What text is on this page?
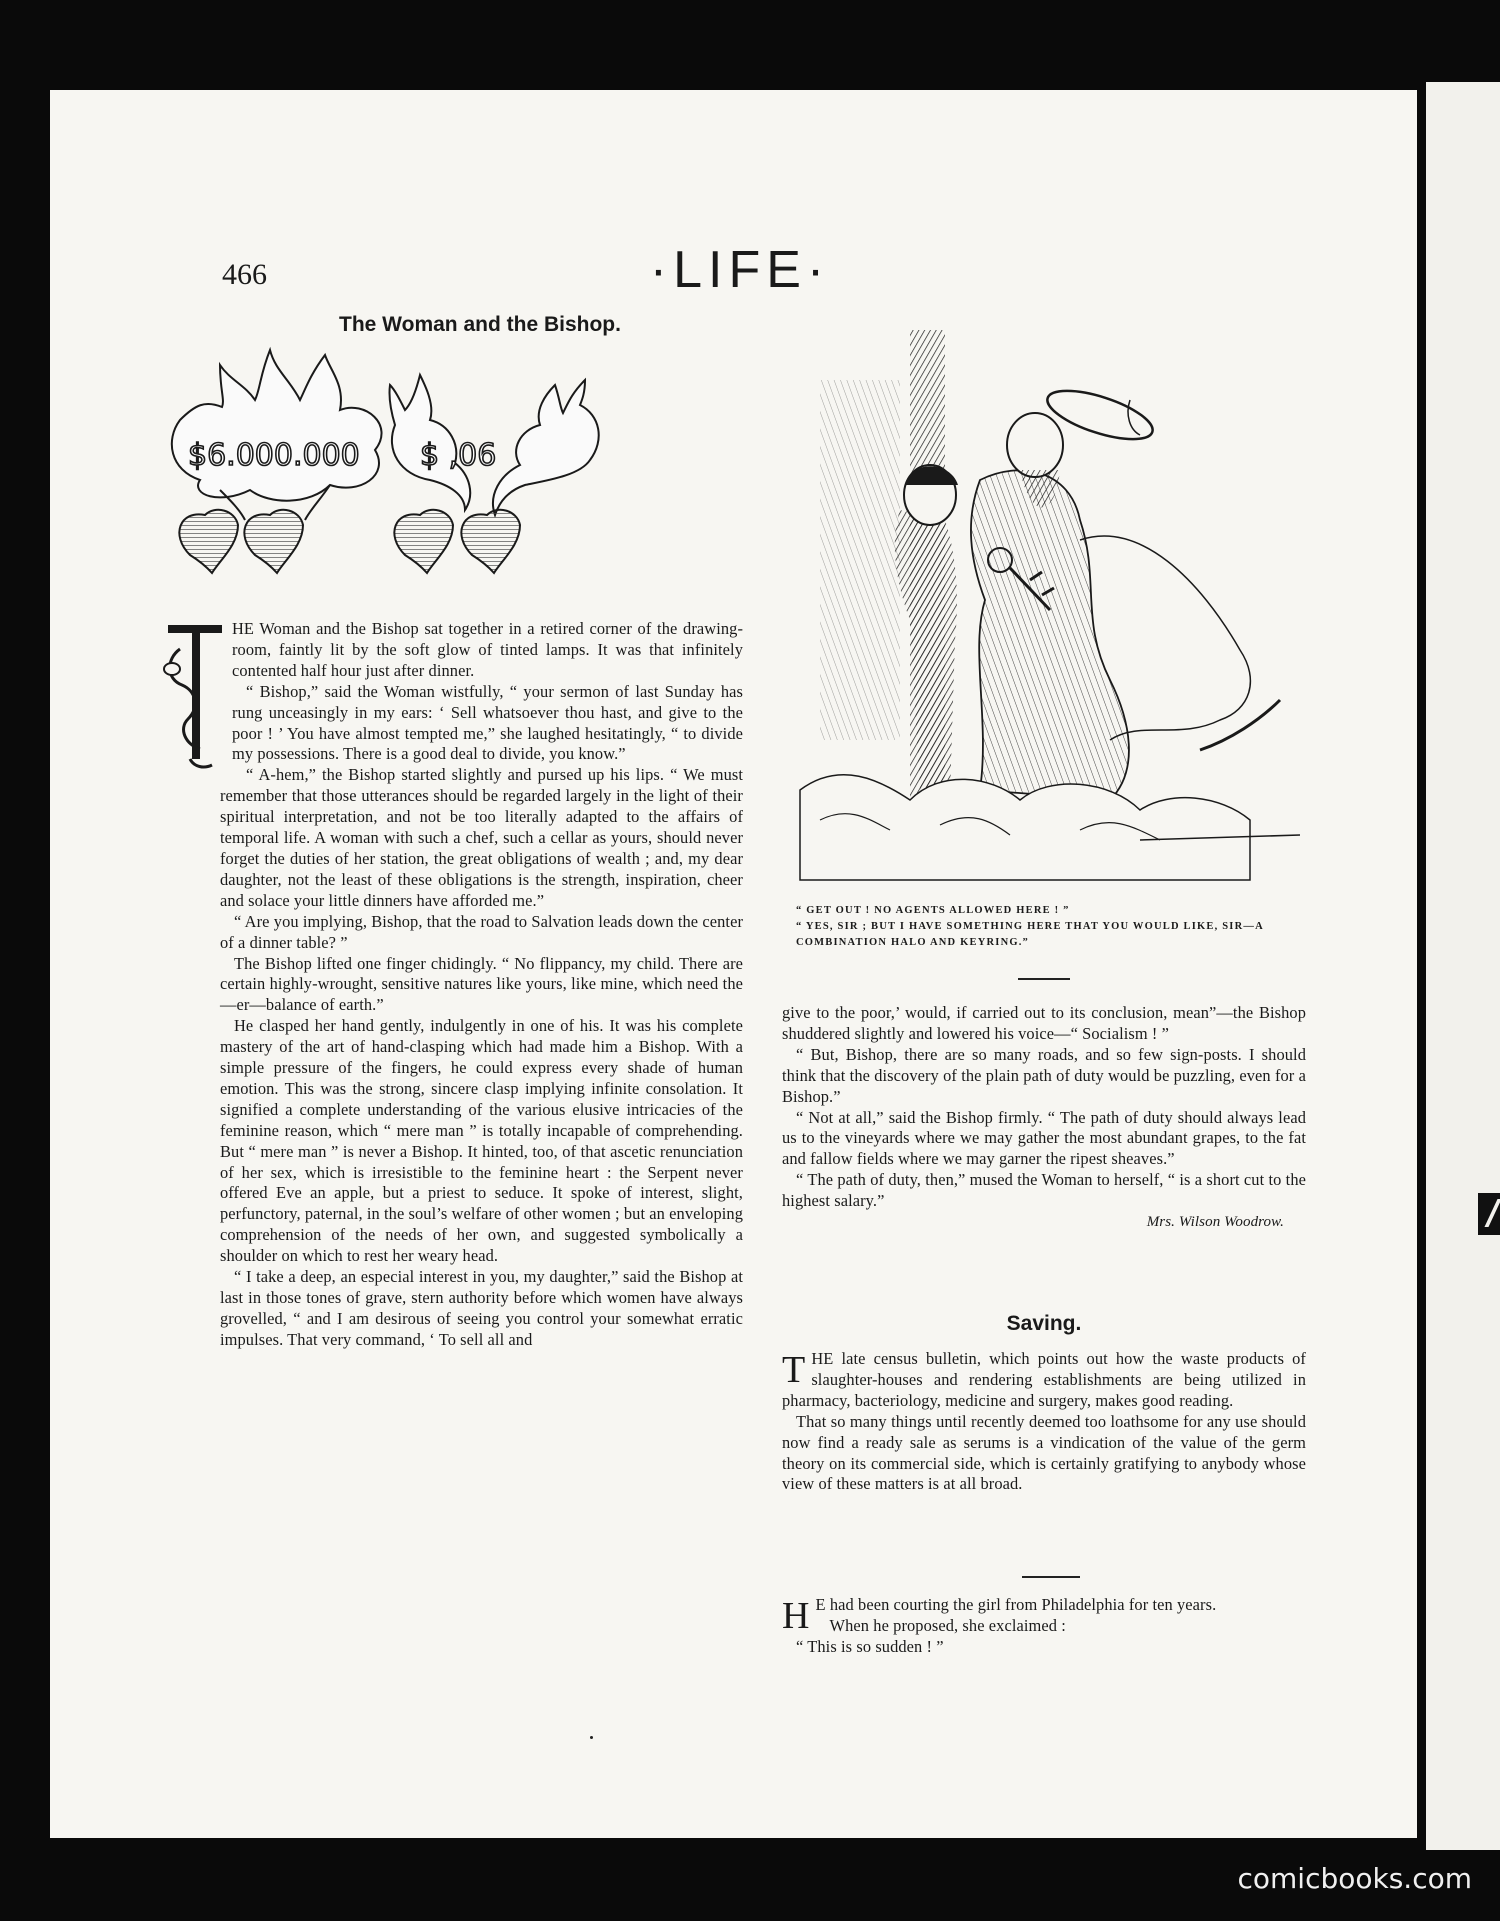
466	·LIFE·
The Woman and the Bishop.
$6.000.000 $ ,06

HE Woman and the Bishop sat together in a retired corner of the drawing-room, faintly lit by the soft glow of tinted lamps. It was that infinitely contented half hour just after dinner.

“ Bishop,” said the Woman wistfully, “ your sermon of last Sunday has rung unceasingly in my ears: ‘ Sell whatsoever thou hast, and give to the poor ! ’ You have almost tempted me,” she laughed hesitatingly, “ to divide my possessions. There is a good deal to divide, you know.”

“ A-hem,” the Bishop started slightly and pursed up his lips. “ We must remember that those utterances should be regarded largely in the light of their spiritual interpretation, and not be too literally adapted to the affairs of temporal life. A woman with such a chef, such a cellar as yours, should never forget the duties of her station, the great obligations of wealth ; and, my dear daughter, not the least of these obligations is the strength, inspiration, cheer and solace your little dinners have afforded me.”

“ Are you implying, Bishop, that the road to Salvation leads down the center of a dinner table? ”

The Bishop lifted one finger chidingly. “ No flippancy, my child. There are certain highly-wrought, sensitive natures like yours, like mine, which need the—er—balance of earth.”

He clasped her hand gently, indulgently in one of his. It was his complete mastery of the art of hand-clasping which had made him a Bishop. With a simple pressure of the fingers, he could express every shade of human emotion. This was the strong, sincere clasp implying infinite consolation. It signified a complete understanding of the various elusive intricacies of the feminine reason, which “ mere man ” is totally incapable of comprehending. But “ mere man ” is never a Bishop. It hinted, too, of that ascetic renunciation of her sex, which is irresistible to the feminine heart : the Serpent never offered Eve an apple, but a priest to seduce. It spoke of interest, slight, perfunctory, paternal, in the soul’s welfare of other women ; but an enveloping comprehension of the needs of her own, and suggested symbolically a shoulder on which to rest her weary head.

“ I take a deep, an especial interest in you, my daughter,” said the Bishop at last in those tones of grave, stern authority before which women have always grovelled, “ and I am desirous of seeing you control your somewhat erratic impulses. That very command, ‘ To sell all and

“ GET OUT ! NO AGENTS ALLOWED HERE ! ”
“ YES, SIR ; BUT I HAVE SOMETHING HERE THAT YOU WOULD LIKE, SIR—A COMBINATION HALO AND KEYRING.”

give to the poor,’ would, if carried out to its conclusion, mean”—the Bishop shuddered slightly and lowered his voice—“ Socialism ! ”

“ But, Bishop, there are so many roads, and so few sign-posts. I should think that the discovery of the plain path of duty would be puzzling, even for a Bishop.”

“ Not at all,” said the Bishop firmly. “ The path of duty should always lead us to the vineyards where we may gather the most abundant grapes, to the fat and fallow fields where we may garner the ripest sheaves.”

“ The path of duty, then,” mused the Woman to herself, “ is a short cut to the highest salary.”

Mrs. Wilson Woodrow.
Saving.

T HE late census bulletin, which points out how the waste products of slaughter-houses and rendering establishments are being utilized in pharmacy, bacteriology, medicine and surgery, makes good reading.

That so many things until recently deemed too loathsome for any use should now find a ready sale as serums is a vindication of the value of the germ theory on its commercial side, which is certainly gratifying to anybody whose view of these matters is at all broad.

H E had been courting the girl from Philadelphia for ten years.

When he proposed, she exclaimed :

“ This is so sudden ! ”

comicbooks.com
